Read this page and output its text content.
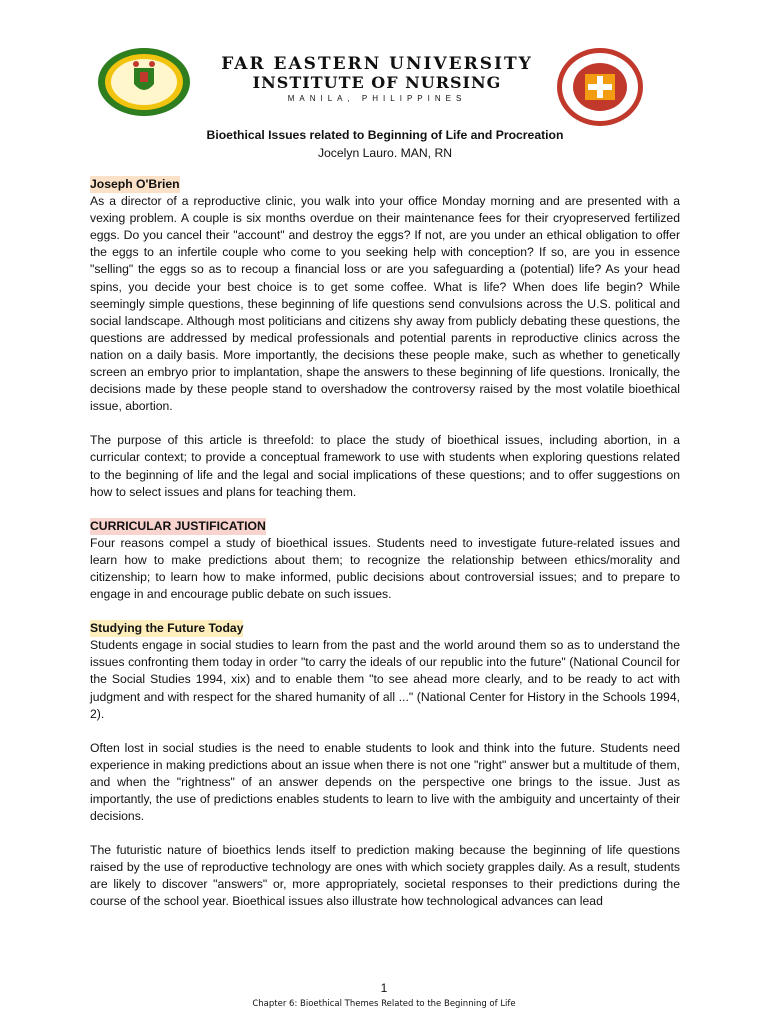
FAR EASTERN UNIVERSITY
INSTITUTE OF NURSING
MANILA, PHILIPPINES
Bioethical Issues related to Beginning of Life and Procreation
Jocelyn Lauro. MAN, RN
Joseph O'Brien

As a director of a reproductive clinic, you walk into your office Monday morning and are presented with a vexing problem. A couple is six months overdue on their maintenance fees for their cryopreserved fertilized eggs. Do you cancel their "account" and destroy the eggs? If not, are you under an ethical obligation to offer the eggs to an infertile couple who come to you seeking help with conception? If so, are you in essence "selling" the eggs so as to recoup a financial loss or are you safeguarding a (potential) life? As your head spins, you decide your best choice is to get some coffee. What is life? When does life begin? While seemingly simple questions, these beginning of life questions send convulsions across the U.S. political and social landscape. Although most politicians and citizens shy away from publicly debating these questions, the questions are addressed by medical professionals and potential parents in reproductive clinics across the nation on a daily basis. More importantly, the decisions these people make, such as whether to genetically screen an embryo prior to implantation, shape the answers to these beginning of life questions. Ironically, the decisions made by these people stand to overshadow the controversy raised by the most volatile bioethical issue, abortion.

The purpose of this article is threefold: to place the study of bioethical issues, including abortion, in a curricular context; to provide a conceptual framework to use with students when exploring questions related to the beginning of life and the legal and social implications of these questions; and to offer suggestions on how to select issues and plans for teaching them.

CURRICULAR JUSTIFICATION

Four reasons compel a study of bioethical issues. Students need to investigate future-related issues and learn how to make predictions about them; to recognize the relationship between ethics/morality and citizenship; to learn how to make informed, public decisions about controversial issues; and to prepare to engage in and encourage public debate on such issues.

Studying the Future Today

Students engage in social studies to learn from the past and the world around them so as to understand the issues confronting them today in order "to carry the ideals of our republic into the future" (National Council for the Social Studies 1994, xix) and to enable them "to see ahead more clearly, and to be ready to act with judgment and with respect for the shared humanity of all ..." (National Center for History in the Schools 1994, 2).

Often lost in social studies is the need to enable students to look and think into the future. Students need experience in making predictions about an issue when there is not one "right" answer but a multitude of them, and when the "rightness" of an answer depends on the perspective one brings to the issue. Just as importantly, the use of predictions enables students to learn to live with the ambiguity and uncertainty of their decisions.

The futuristic nature of bioethics lends itself to prediction making because the beginning of life questions raised by the use of reproductive technology are ones with which society grapples daily. As a result, students are likely to discover "answers" or, more appropriately, societal responses to their predictions during the course of the school year. Bioethical issues also illustrate how technological advances can lead

1
Chapter 6: Bioethical Themes Related to the Beginning of Life
